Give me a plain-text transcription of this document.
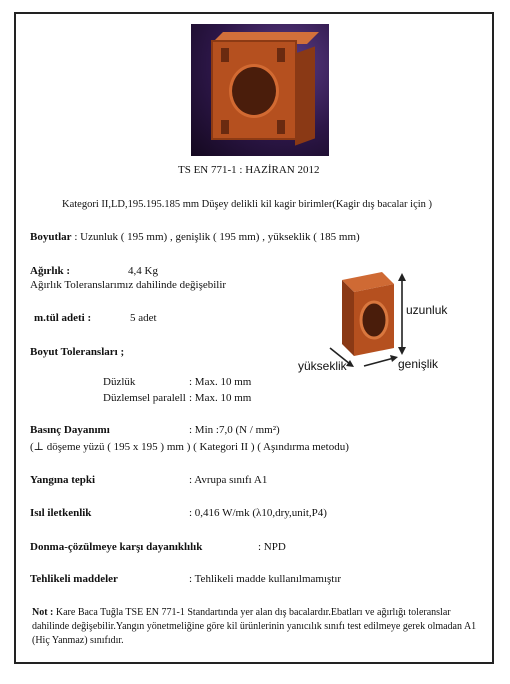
TS EN 771-1 : HAZİRAN 2012
Kategori II,LD,195.195.185 mm Düşey delikli kil kagir birimler(Kagir dış bacalar için )
Boyutlar : Uzunluk ( 195 mm) , genişlik ( 195 mm) , yükseklik ( 185 mm)
Ağırlık :	4,4 Kg
Ağırlık Toleranslarımız dahilinde değişebilir
m.tül adeti :	5 adet
Boyut Toleransları ;
Düzlük	: Max. 10 mm
Düzlemsel paralell : Max. 10 mm
Basınç Dayanımı	: Min :7,0 (N / mm²)
(⊥ döşeme yüzü ( 195 x 195 ) mm ) ( Kategori II ) ( Aşındırma metodu)
Yangına tepki	: Avrupa sınıfı A1
Isıl iletkenlik	: 0,416 W/mk (λ10,dry,unit,P4)
Donma-çözülmeye karşı dayanıklılık	: NPD
Tehlikeli maddeler	: Tehlikeli madde kullanılmamıştır
Not : Kare Baca Tuğla TSE EN 771-1 Standartında yer alan dış bacalardır.Ebatları ve ağırlığı toleranslar dahilinde değişebilir.Yangın yönetmeliğine göre kil ürünlerinin yanıcılık sınıfı test edilmeye gerek olmadan A1 (Hiç Yanmaz) sınıfıdır.
uzunluk
genişlik
yükseklik
